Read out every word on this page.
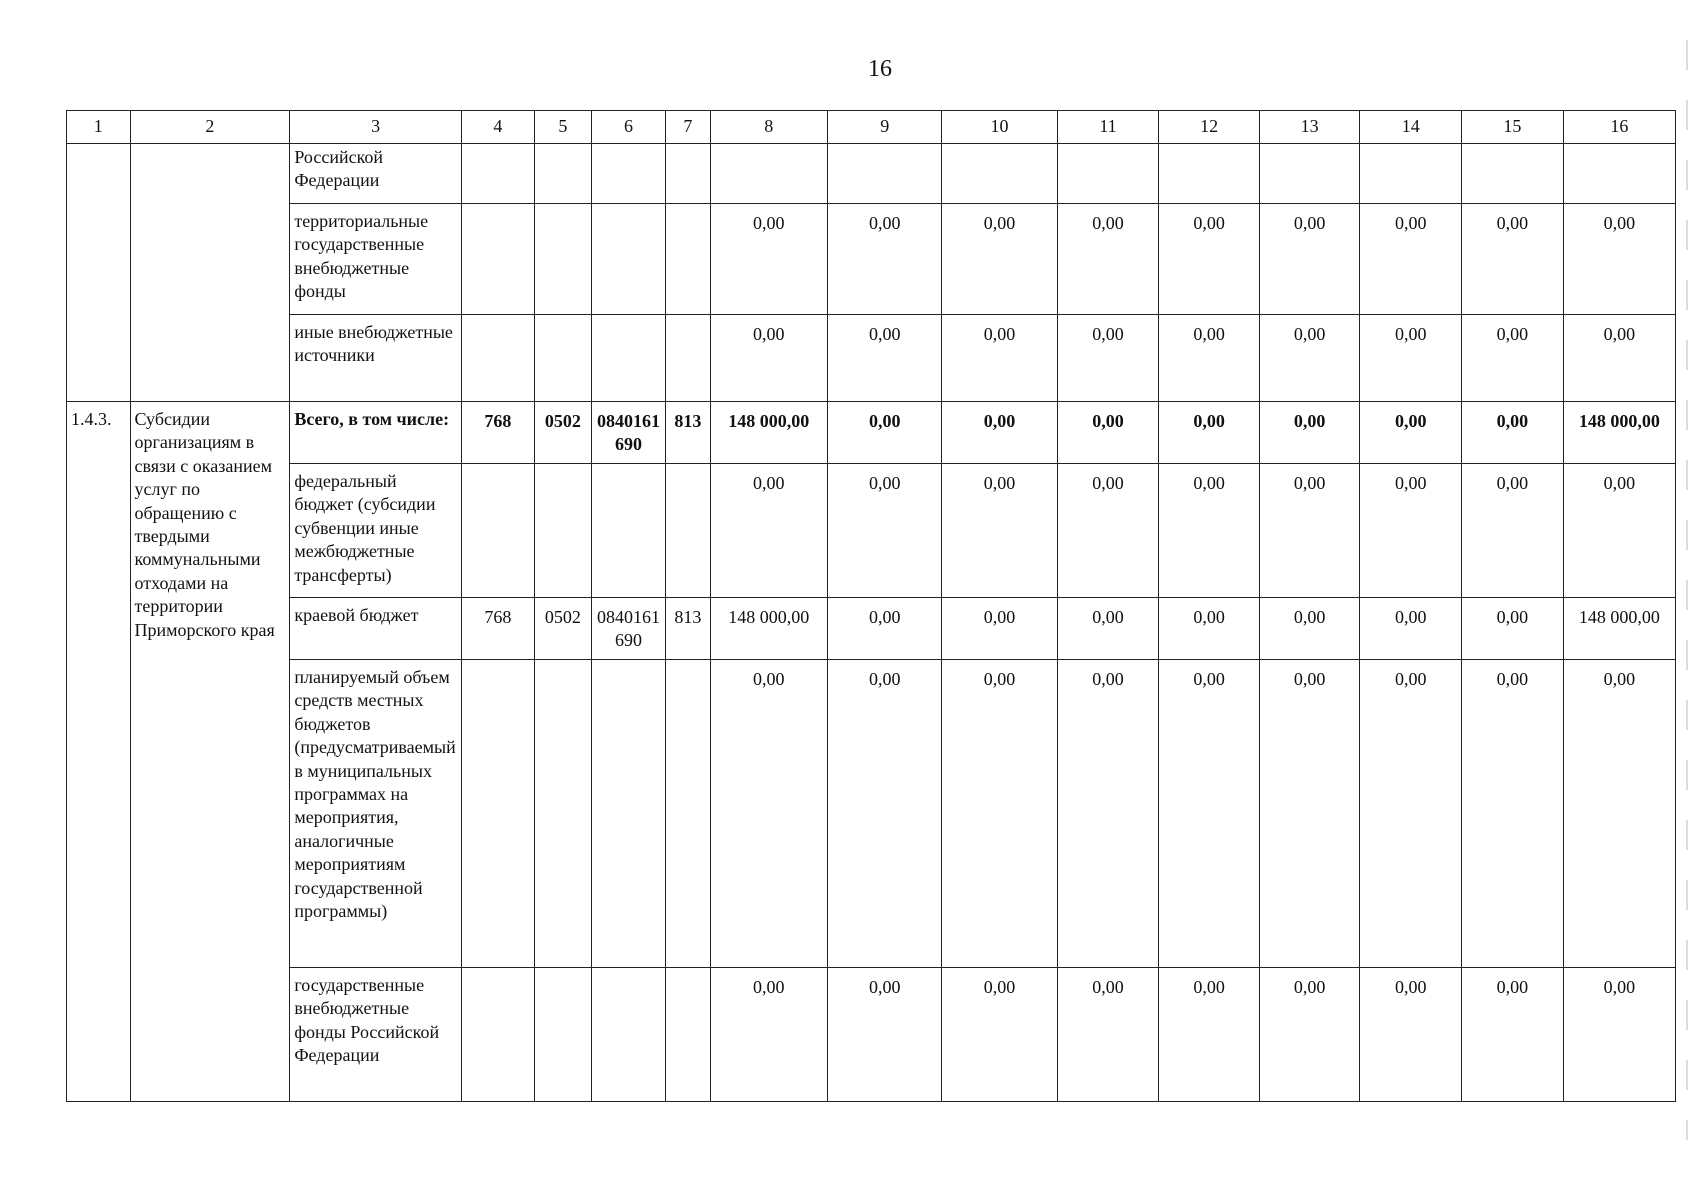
16
1	2	3	4	5	6	7	8	9	10	11	12	13	14	15	16
		Российской Федерации													
		территориальные государственные внебюджетные фонды					0,00	0,00	0,00	0,00	0,00	0,00	0,00	0,00	0,00
		иные внебюджетные источники					0,00	0,00	0,00	0,00	0,00	0,00	0,00	0,00	0,00
1.4.3.	Субсидии организациям в связи с оказанием услуг по обращению с твердыми коммунальными отходами на территории Приморского края	Всего, в том числе:	768	0502	0840161690	813	148 000,00	0,00	0,00	0,00	0,00	0,00	0,00	0,00	148 000,00
		федеральный бюджет (субсидии субвенции иные межбюджетные трансферты)					0,00	0,00	0,00	0,00	0,00	0,00	0,00	0,00	0,00
		краевой бюджет	768	0502	0840161690	813	148 000,00	0,00	0,00	0,00	0,00	0,00	0,00	0,00	148 000,00
		планируемый объем средств местных бюджетов (предусматриваемый в муниципальных программах на мероприятия, аналогичные мероприятиям государственной программы)					0,00	0,00	0,00	0,00	0,00	0,00	0,00	0,00	0,00
		государственные внебюджетные фонды Российской Федерации					0,00	0,00	0,00	0,00	0,00	0,00	0,00	0,00	0,00
